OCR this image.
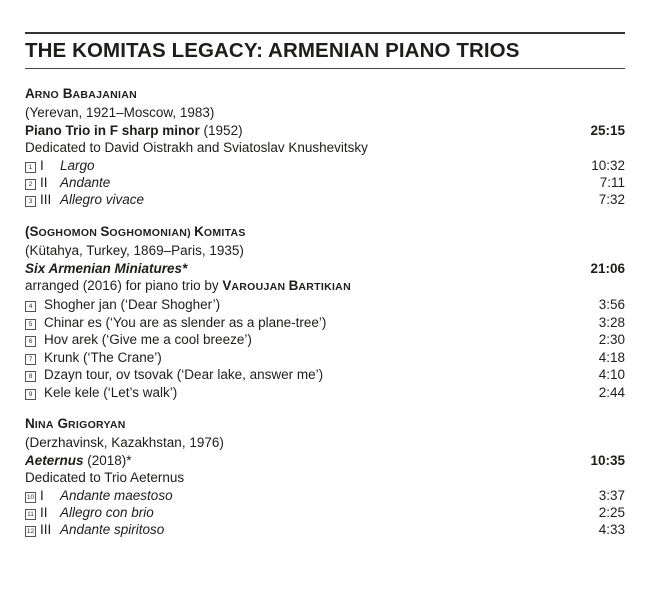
THE KOMITAS LEGACY: ARMENIAN PIANO TRIOS
ARNO BABAJANIAN
(Yerevan, 1921–Moscow, 1983)
Piano Trio in F sharp minor (1952)	25:15
Dedicated to David Oistrakh and Sviatoslav Knushevitsky
1 I	Largo	10:32
2 II Andante	7:11
3 III Allegro vivace	7:32
(SOGHOMON SOGHOMONIAN) KOMITAS
(Kütahya, Turkey, 1869–Paris, 1935)
Six Armenian Miniatures*	21:06
arranged (2016) for piano trio by VAROUJAN BARTIKIAN
4 Shogher jan (‘Dear Shogher’)	3:56
5 Chinar es (‘You are as slender as a plane-tree’)	3:28
6 Hov arek (‘Give me a cool breeze’)	2:30
7 Krunk (‘The Crane’)	4:18
8 Dzayn tour, ov tsovak (‘Dear lake, answer me’)	4:10
9 Kele kele (‘Let’s walk’)	2:44
NINA GRIGORYAN
(Derzhavinsk, Kazakhstan, 1976)
Aeternus (2018)*	10:35
Dedicated to Trio Aeternus
10 I	Andante maestoso	3:37
11 II Allegro con brio	2:25
12 III Andante spiritoso	4:33
